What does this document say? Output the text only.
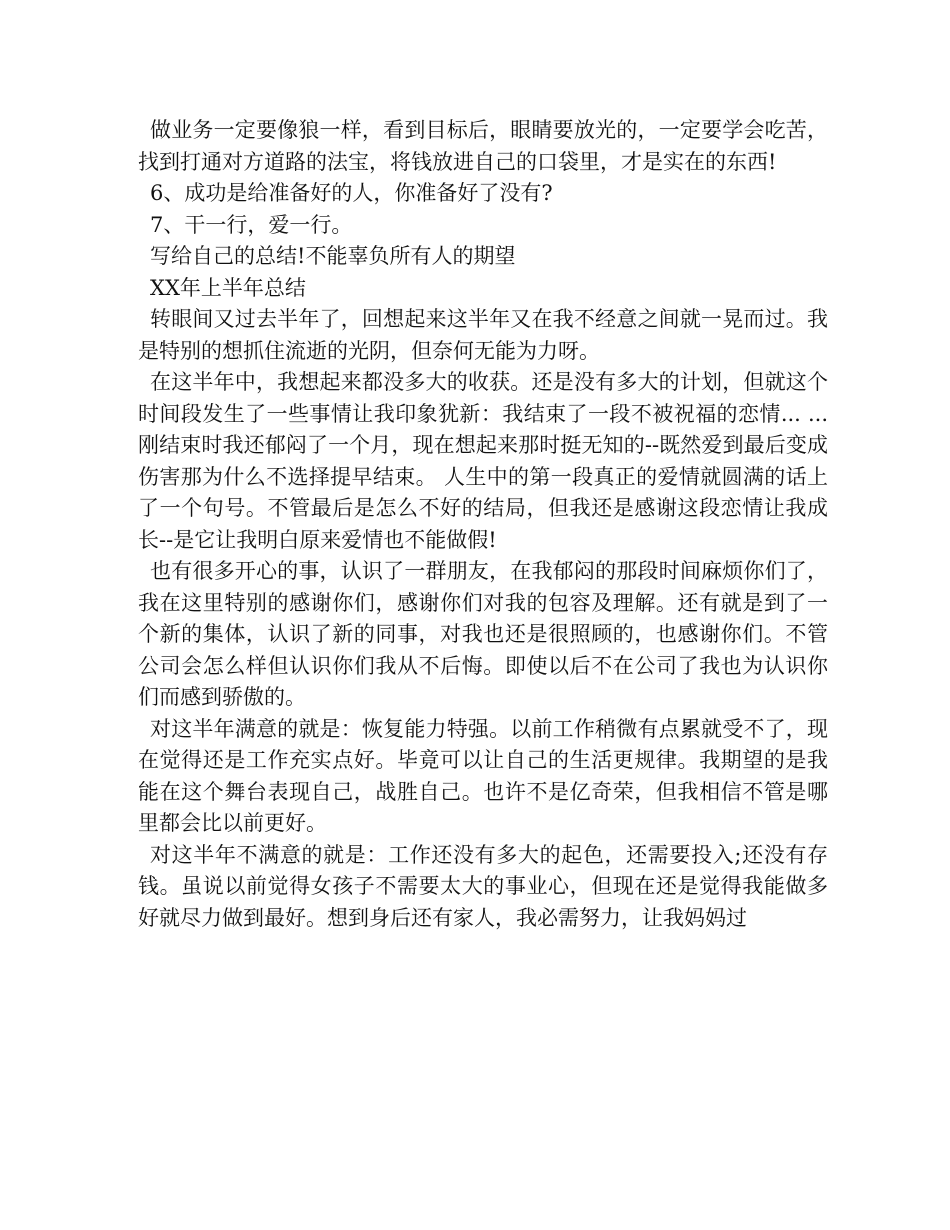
做业务一定要像狼一样，看到目标后，眼睛要放光的，一定要学会吃苦，找到打通对方道路的法宝，将钱放进自己的口袋里，才是实在的东西!

6、成功是给准备好的人，你准备好了没有?

7、干一行，爱一行。

写给自己的总结!不能辜负所有人的期望

XX年上半年总结

转眼间又过去半年了，回想起来这半年又在我不经意之间就一晃而过。我是特别的想抓住流逝的光阴，但奈何无能为力呀。

在这半年中，我想起来都没多大的收获。还是没有多大的计划，但就这个时间段发生了一些事情让我印象犹新：我结束了一段不被祝福的恋情... ... 刚结束时我还郁闷了一个月，现在想起来那时挺无知的--既然爱到最后变成伤害那为什么不选择提早结束。 人生中的第一段真正的爱情就圆满的话上了一个句号。不管最后是怎么不好的结局，但我还是感谢这段恋情让我成长--是它让我明白原来爱情也不能做假!

也有很多开心的事，认识了一群朋友，在我郁闷的那段时间麻烦你们了，我在这里特别的感谢你们，感谢你们对我的包容及理解。还有就是到了一个新的集体，认识了新的同事，对我也还是很照顾的，也感谢你们。不管公司会怎么样但认识你们我从不后悔。即使以后不在公司了我也为认识你们而感到骄傲的。

对这半年满意的就是：恢复能力特强。以前工作稍微有点累就受不了，现在觉得还是工作充实点好。毕竟可以让自己的生活更规律。我期望的是我能在这个舞台表现自己，战胜自己。也许不是亿奇荣，但我相信不管是哪里都会比以前更好。

对这半年不满意的就是：工作还没有多大的起色，还需要投入;还没有存钱。虽说以前觉得女孩子不需要太大的事业心，但现在还是觉得我能做多好就尽力做到最好。想到身后还有家人，我必需努力，让我妈妈过
